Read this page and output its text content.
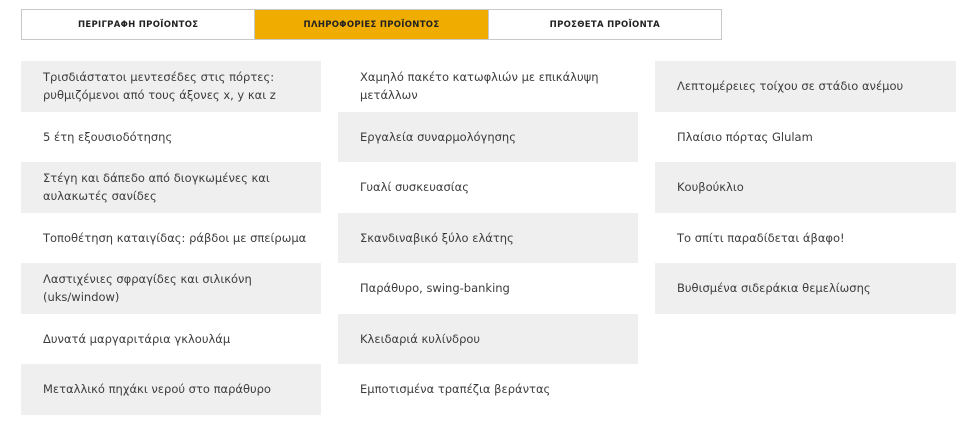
ΠΕΡΙΓΡΑΦΗ ΠΡΟΪΟΝΤΟΣ	ΠΛΗΡΟΦΟΡΙΕΣ ΠΡΟΪΟΝΤΟΣ	ΠΡΟΣΘΕΤΑ ΠΡΟΪΟΝΤΑ
Τρισδιάστατοι μεντεσέδες στις πόρτες: ρυθμιζόμενοι από τους άξονες x, y και z
5 έτη εξουσιοδότησης
Στέγη και δάπεδο από διογκωμένες και αυλακωτές σανίδες
Τοποθέτηση καταιγίδας: ράβδοι με σπείρωμα
Λαστιχένιες σφραγίδες και σιλικόνη (uks/window)
Δυνατά μαργαριτάρια γκλουλάμ
Μεταλλικό πηχάκι νερού στο παράθυρο
Χαμηλό πακέτο κατωφλιών με επικάλυψη μετάλλων
Εργαλεία συναρμολόγησης
Γυαλί συσκευασίας
Σκανδιναβικό ξύλο ελάτης
Παράθυρο, swing-banking
Κλειδαριά κυλίνδρου
Εμποτισμένα τραπέζια βεράντας
Λεπτομέρειες τοίχου σε στάδιο ανέμου
Πλαίσιο πόρτας Glulam
Κουβούκλιο
Το σπίτι παραδίδεται άβαφο!
Βυθισμένα σιδεράκια θεμελίωσης
